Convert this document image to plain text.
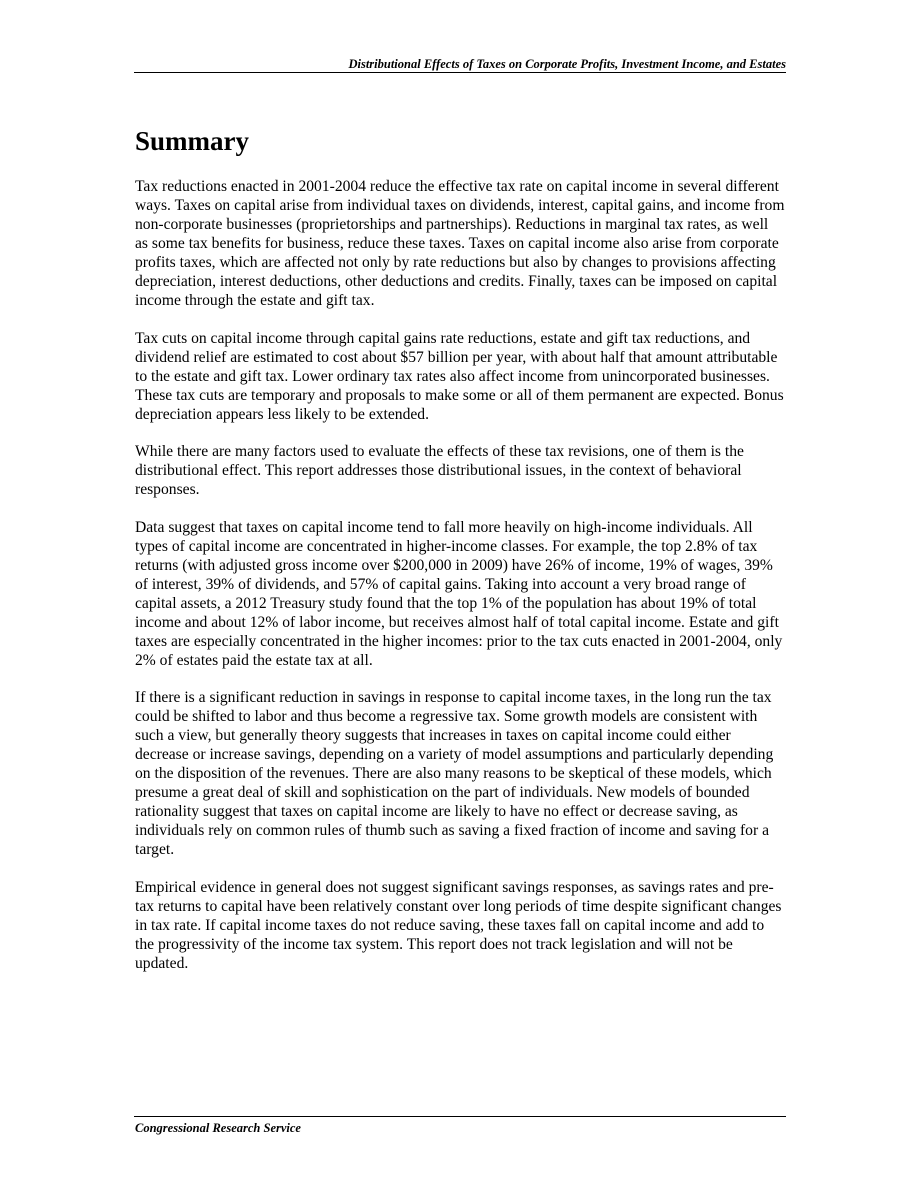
Distributional Effects of Taxes on Corporate Profits, Investment Income, and Estates
Summary

Tax reductions enacted in 2001-2004 reduce the effective tax rate on capital income in several different ways. Taxes on capital arise from individual taxes on dividends, interest, capital gains, and income from non-corporate businesses (proprietorships and partnerships). Reductions in marginal tax rates, as well as some tax benefits for business, reduce these taxes. Taxes on capital income also arise from corporate profits taxes, which are affected not only by rate reductions but also by changes to provisions affecting depreciation, interest deductions, other deductions and credits. Finally, taxes can be imposed on capital income through the estate and gift tax.

Tax cuts on capital income through capital gains rate reductions, estate and gift tax reductions, and dividend relief are estimated to cost about $57 billion per year, with about half that amount attributable to the estate and gift tax. Lower ordinary tax rates also affect income from unincorporated businesses. These tax cuts are temporary and proposals to make some or all of them permanent are expected. Bonus depreciation appears less likely to be extended.

While there are many factors used to evaluate the effects of these tax revisions, one of them is the distributional effect. This report addresses those distributional issues, in the context of behavioral responses.

Data suggest that taxes on capital income tend to fall more heavily on high-income individuals. All types of capital income are concentrated in higher-income classes. For example, the top 2.8% of tax returns (with adjusted gross income over $200,000 in 2009) have 26% of income, 19% of wages, 39% of interest, 39% of dividends, and 57% of capital gains. Taking into account a very broad range of capital assets, a 2012 Treasury study found that the top 1% of the population has about 19% of total income and about 12% of labor income, but receives almost half of total capital income. Estate and gift taxes are especially concentrated in the higher incomes: prior to the tax cuts enacted in 2001-2004, only 2% of estates paid the estate tax at all.

If there is a significant reduction in savings in response to capital income taxes, in the long run the tax could be shifted to labor and thus become a regressive tax. Some growth models are consistent with such a view, but generally theory suggests that increases in taxes on capital income could either decrease or increase savings, depending on a variety of model assumptions and particularly depending on the disposition of the revenues. There are also many reasons to be skeptical of these models, which presume a great deal of skill and sophistication on the part of individuals. New models of bounded rationality suggest that taxes on capital income are likely to have no effect or decrease saving, as individuals rely on common rules of thumb such as saving a fixed fraction of income and saving for a target.

Empirical evidence in general does not suggest significant savings responses, as savings rates and pre-tax returns to capital have been relatively constant over long periods of time despite significant changes in tax rate. If capital income taxes do not reduce saving, these taxes fall on capital income and add to the progressivity of the income tax system. This report does not track legislation and will not be updated.

Congressional Research Service
